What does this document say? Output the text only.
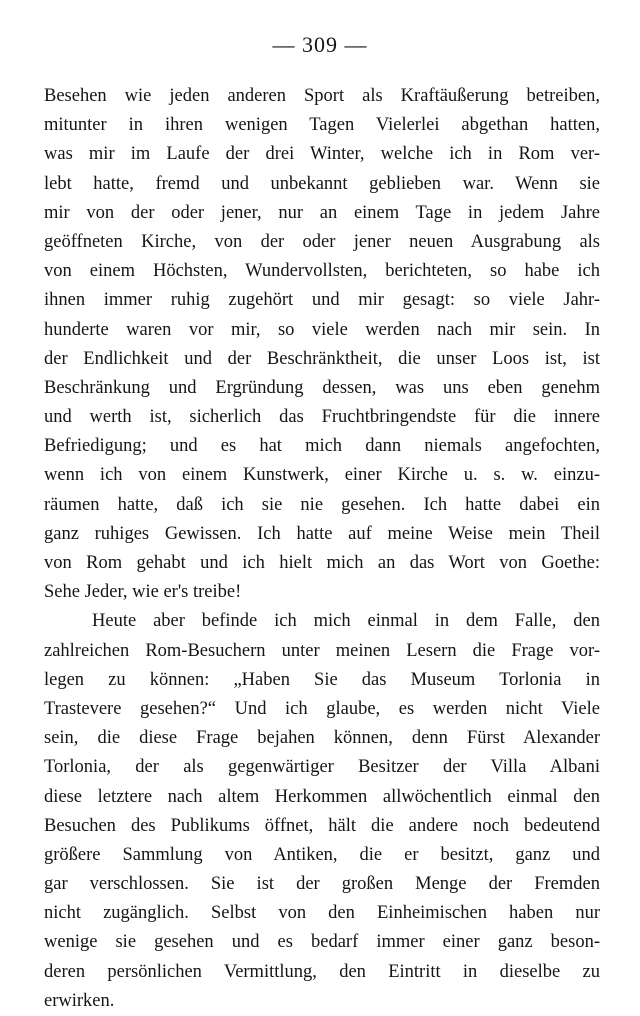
— 309 —
Besehen wie jeden anderen Sport als Kraftäußerung betreiben,
mitunter in ihren wenigen Tagen Vielerlei abgethan hatten,
was mir im Laufe der drei Winter, welche ich in Rom ver-
lebt hatte, fremd und unbekannt geblieben war. Wenn sie
mir von der oder jener, nur an einem Tage in jedem Jahre
geöffneten Kirche, von der oder jener neuen Ausgrabung als
von einem Höchsten, Wundervollsten, berichteten, so habe ich
ihnen immer ruhig zugehört und mir gesagt: so viele Jahr-
hunderte waren vor mir, so viele werden nach mir sein. In
der Endlichkeit und der Beschränktheit, die unser Loos ist, ist
Beschränkung und Ergründung dessen, was uns eben genehm
und werth ist, sicherlich das Fruchtbringendste für die innere
Befriedigung; und es hat mich dann niemals angefochten,
wenn ich von einem Kunstwerk, einer Kirche u. s. w. einzu-
räumen hatte, daß ich sie nie gesehen. Ich hatte dabei ein
ganz ruhiges Gewissen. Ich hatte auf meine Weise mein Theil
von Rom gehabt und ich hielt mich an das Wort von Goethe:
Sehe Jeder, wie er's treibe!
Heute aber befinde ich mich einmal in dem Falle, den
zahlreichen Rom-Besuchern unter meinen Lesern die Frage vor-
legen zu können: „Haben Sie das Museum Torlonia in
Trastevere gesehen?“ Und ich glaube, es werden nicht Viele
sein, die diese Frage bejahen können, denn Fürst Alexander
Torlonia, der als gegenwärtiger Besitzer der Villa Albani
diese letztere nach altem Herkommen allwöchentlich einmal den
Besuchen des Publikums öffnet, hält die andere noch bedeutend
größere Sammlung von Antiken, die er besitzt, ganz und
gar verschlossen. Sie ist der großen Menge der Fremden
nicht zugänglich. Selbst von den Einheimischen haben nur
wenige sie gesehen und es bedarf immer einer ganz beson-
deren persönlichen Vermittlung, den Eintritt in dieselbe zu
erwirken.
